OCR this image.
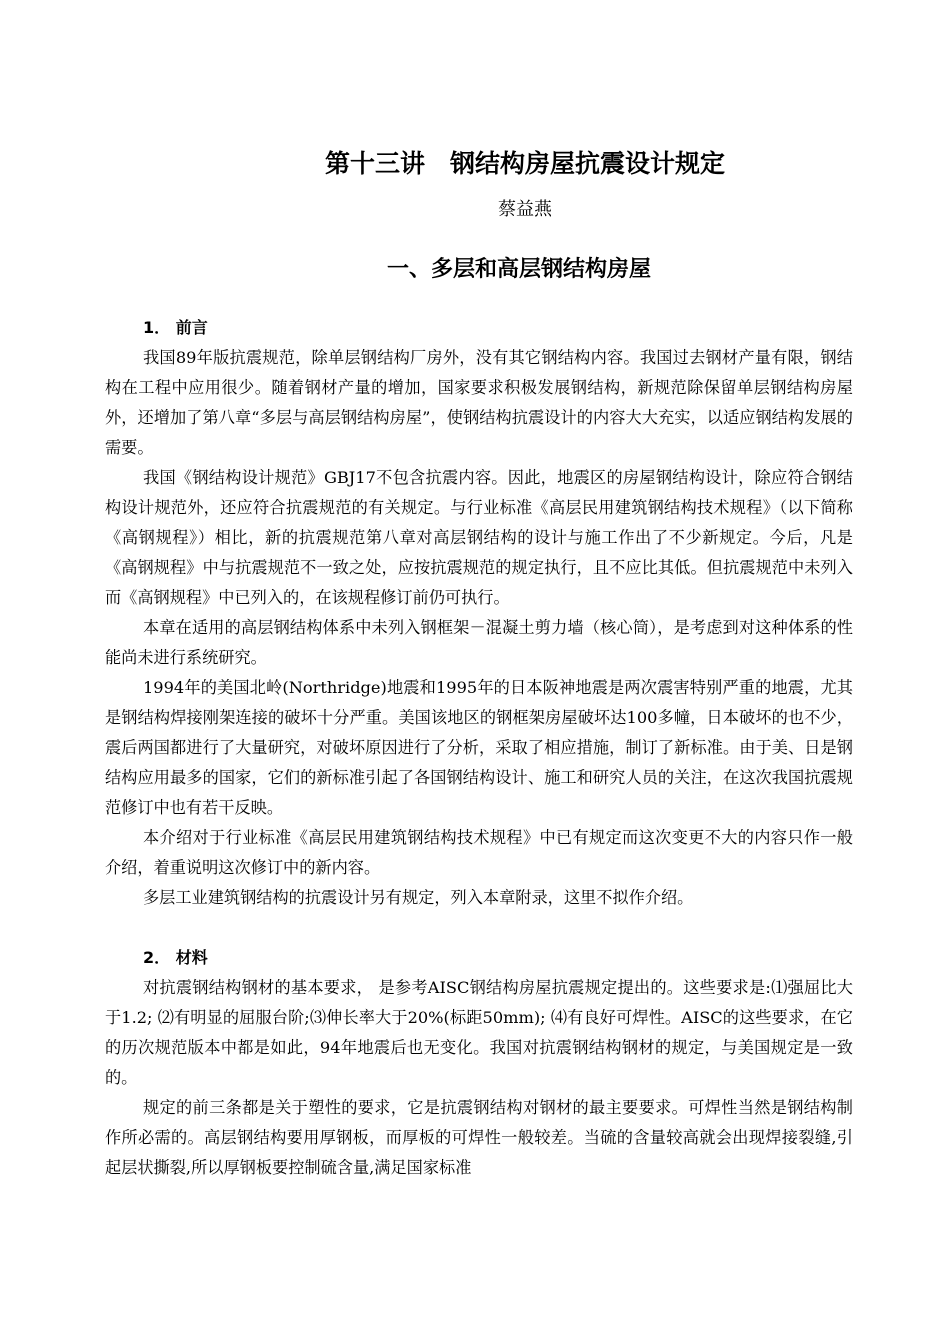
第十三讲　钢结构房屋抗震设计规定

蔡益燕

一、多层和高层钢结构房屋
1． 前言

我国89年版抗震规范，除单层钢结构厂房外，没有其它钢结构内容。我国过去钢材产量有限，钢结构在工程中应用很少。随着钢材产量的增加，国家要求积极发展钢结构，新规范除保留单层钢结构房屋外，还增加了第八章“多层与高层钢结构房屋”，使钢结构抗震设计的内容大大充实，以适应钢结构发展的需要。

我国《钢结构设计规范》GBJ17不包含抗震内容。因此，地震区的房屋钢结构设计，除应符合钢结构设计规范外，还应符合抗震规范的有关规定。与行业标准《高层民用建筑钢结构技术规程》（以下简称《高钢规程》）相比，新的抗震规范第八章对高层钢结构的设计与施工作出了不少新规定。今后，凡是《高钢规程》中与抗震规范不一致之处，应按抗震规范的规定执行，且不应比其低。但抗震规范中未列入而《高钢规程》中已列入的，在该规程修订前仍可执行。

本章在适用的高层钢结构体系中未列入钢框架－混凝土剪力墙（核心筒），是考虑到对这种体系的性能尚未进行系统研究。

1994年的美国北岭(Northridge)地震和1995年的日本阪神地震是两次震害特别严重的地震，尤其是钢结构焊接刚架连接的破坏十分严重。美国该地区的钢框架房屋破坏达100多幢，日本破坏的也不少，震后两国都进行了大量研究，对破坏原因进行了分析，采取了相应措施，制订了新标准。由于美、日是钢结构应用最多的国家，它们的新标准引起了各国钢结构设计、施工和研究人员的关注，在这次我国抗震规范修订中也有若干反映。

本介绍对于行业标准《高层民用建筑钢结构技术规程》中已有规定而这次变更不大的内容只作一般介绍，着重说明这次修订中的新内容。

多层工业建筑钢结构的抗震设计另有规定，列入本章附录，这里不拟作介绍。

2． 材料

对抗震钢结构钢材的基本要求， 是参考AISC钢结构房屋抗震规定提出的。这些要求是:⑴强屈比大于1.2; ⑵有明显的屈服台阶;⑶伸长率大于20%(标距50mm); ⑷有良好可焊性。AISC的这些要求，在它的历次规范版本中都是如此，94年地震后也无变化。我国对抗震钢结构钢材的规定，与美国规定是一致的。

规定的前三条都是关于塑性的要求，它是抗震钢结构对钢材的最主要要求。可焊性当然是钢结构制作所必需的。高层钢结构要用厚钢板，而厚板的可焊性一般较差。当硫的含量较高就会出现焊接裂缝,引起层状撕裂,所以厚钢板要控制硫含量,满足国家标准
